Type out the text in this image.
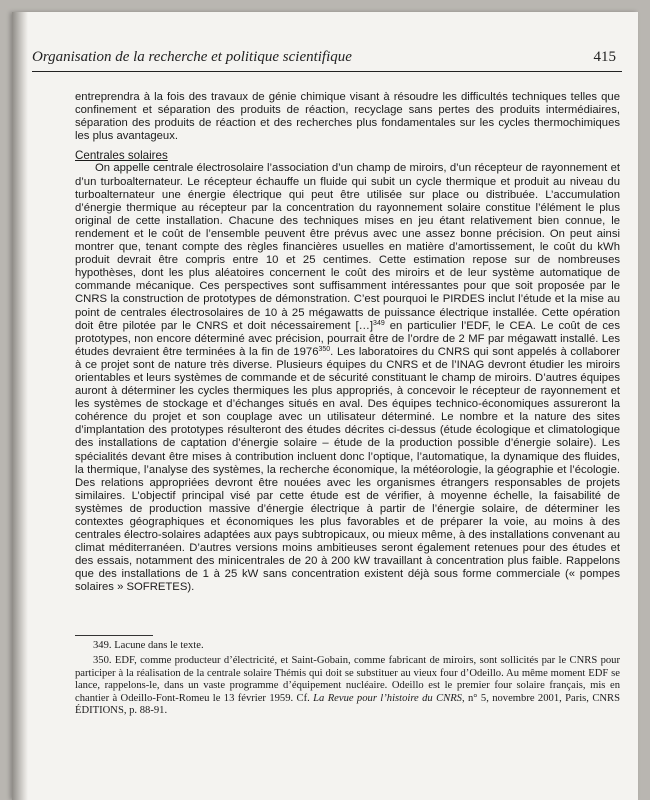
Organisation de la recherche et politique scientifique	415

entreprendra à la fois des travaux de génie chimique visant à résoudre les difficultés techniques telles que confinement et séparation des produits de réaction, recyclage sans pertes des produits intermédiaires, séparation des produits de réaction et des recherches plus fondamentales sur les cycles thermochimiques les plus avantageux.

Centrales solaires

On appelle centrale électrosolaire l’association d’un champ de miroirs, d’un récepteur de rayonnement et d’un turboalternateur. Le récepteur échauffe un fluide qui subit un cycle thermique et produit au niveau du turboalternateur une énergie électrique qui peut être utilisée sur place ou distribuée. L’accumulation d’énergie thermique au récepteur par la concentration du rayonnement solaire constitue l’élément le plus original de cette installation. Chacune des techniques mises en jeu étant relativement bien connue, le rendement et le coût de l’ensemble peuvent être prévus avec une assez bonne précision. On peut ainsi montrer que, tenant compte des règles financières usuelles en matière d’amortissement, le coût du kWh produit devrait être compris entre 10 et 25 centimes. Cette estimation repose sur de nombreuses hypothèses, dont les plus aléatoires concernent le coût des miroirs et de leur système automatique de commande mécanique. Ces perspectives sont suffisamment intéressantes pour que soit proposée par le CNRS la construction de prototypes de démonstration. C’est pourquoi le PIRDES inclut l’étude et la mise au point de centrales électrosolaires de 10 à 25 mégawatts de puissance électrique installée. Cette opération doit être pilotée par le CNRS et doit nécessairement […]$^{349}$ en particulier l’EDF, le CEA. Le coût de ces prototypes, non encore déterminé avec précision, pourrait être de l’ordre de 2 MF par mégawatt installé. Les études devraient être terminées à la fin de 1976$^{350}$. Les laboratoires du CNRS qui sont appelés à collaborer à ce projet sont de nature très diverse. Plusieurs équipes du CNRS et de l’INAG devront étudier les miroirs orientables et leurs systèmes de commande et de sécurité constituant le champ de miroirs. D’autres équipes auront à déterminer les cycles thermiques les plus appropriés, à concevoir le récepteur de rayonnement et les systèmes de stockage et d’échanges situés en aval. Des équipes technico-économiques assureront la cohérence du projet et son couplage avec un utilisateur déterminé. Le nombre et la nature des sites d’implantation des prototypes résulteront des études décrites ci-dessus (étude écologique et climatologique des installations de captation d’énergie solaire – étude de la production possible d’énergie solaire). Les spécialités devant être mises à contribution incluent donc l’optique, l’automatique, la dynamique des fluides, la thermique, l’analyse des systèmes, la recherche économique, la météorologie, la géographie et l’écologie. Des relations appropriées devront être nouées avec les organismes étrangers responsables de projets similaires. L’objectif principal visé par cette étude est de vérifier, à moyenne échelle, la faisabilité de systèmes de production massive d’énergie électrique à partir de l’énergie solaire, de déterminer les contextes géographiques et économiques les plus favorables et de préparer la voie, au moins à des centrales électro-solaires adaptées aux pays subtropicaux, ou mieux même, à des installations convenant au climat méditerranéen. D’autres versions moins ambitieuses seront également retenues pour des études et des essais, notamment des minicentrales de 20 à 200 kW travaillant à concentration plus faible. Rappelons que des installations de 1 à 25 kW sans concentration existent déjà sous forme commerciale (« pompes solaires » SOFRETES).

349. Lacune dans le texte.

350. EDF, comme producteur d’électricité, et Saint-Gobain, comme fabricant de miroirs, sont sollicités par le CNRS pour participer à la réalisation de la centrale solaire Thémis qui doit se substituer au vieux four d’Odeillo. Au même moment EDF se lance, rappelons-le, dans un vaste programme d’équipement nucléaire. Odeillo est le premier four solaire français, mis en chantier à Odeillo-Font-Romeu le 13 février 1959. Cf. La Revue pour l’histoire du CNRS, n° 5, novembre 2001, Paris, CNRS ÉDITIONS, p. 88-91.
